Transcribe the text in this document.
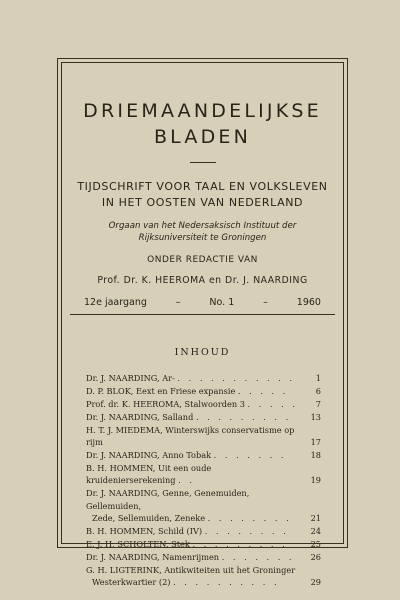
DRIEMAANDELIJKSE
BLADEN
TIJDSCHRIFT VOOR TAAL EN VOLKSLEVEN
IN HET OOSTEN VAN NEDERLAND
Orgaan van het Nedersaksisch Instituut der
Rijksuniversiteit te Groningen
ONDER REDACTIE VAN
Prof. Dr. K. HEEROMA en Dr. J. NAARDING
12e jaargang	–	No. 1	–	1960
INHOUD
Dr. J. NAARDING, Ar- . . . . . . . . . . .	1
D. P. BLOK, Eext en Friese expansie . . . . .	6
Prof. dr. K. HEEROMA, Stalwoorden 3 . . . . .	7
Dr. J. NAARDING, Salland . . . . . . . . .	13
H. T. J. MIEDEMA, Winterswijks conservatisme op rijm	17
Dr. J. NAARDING, Anno Tobak . . . . . . .	18
B. H. HOMMEN, Uit een oude kruidenierserekening . .	19
Dr. J. NAARDING, Genne, Genemuiden, Gellemuiden,
Zede, Sellemuiden, Zeneke . . . . . . . .	21
B. H. HOMMEN, Schild (IV) . . . . . . . .	24
E. J. H. SCHOLTEN, Stek . . . . . . . . .	25
Dr. J. NAARDING, Namenrijmen . . . . . . .	26
G. H. LIGTERINK, Antikwiteiten uit het Groninger
Westerkwartier (2) . . . . . . . . . .	29
